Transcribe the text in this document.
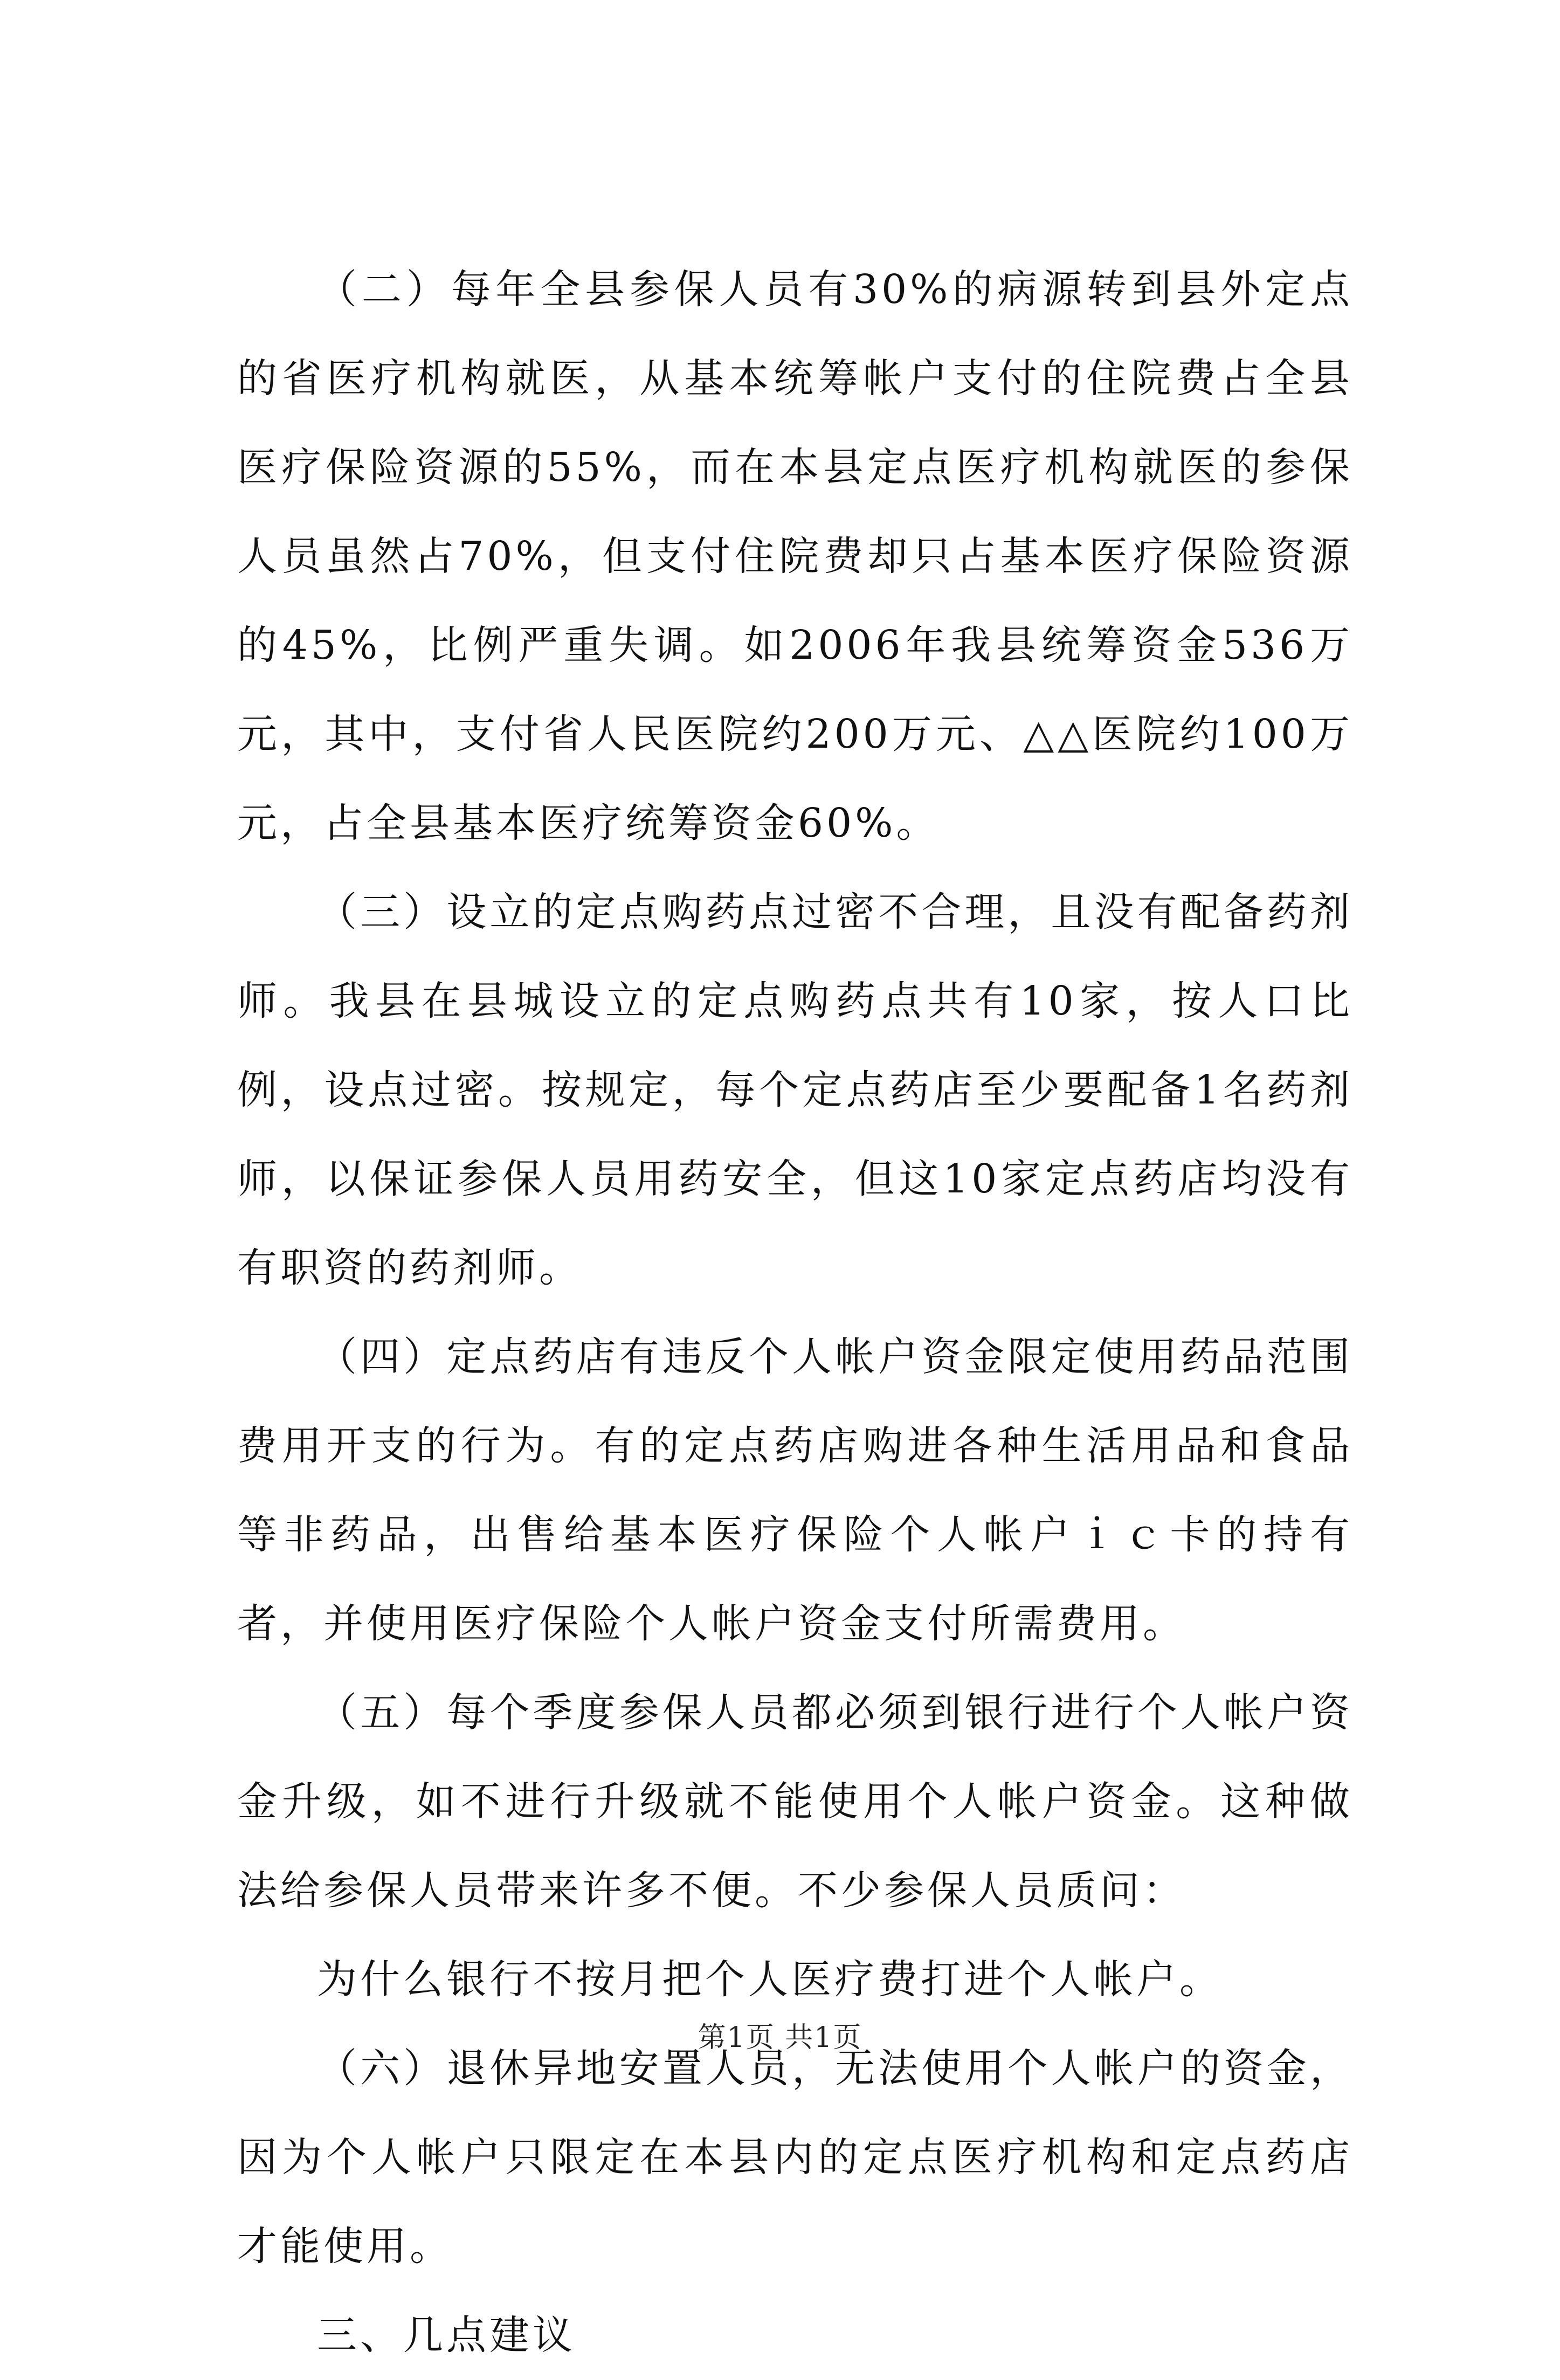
（二）每年全县参保人员有30%的病源转到县外定点的省医疗机构就医，从基本统筹帐户支付的住院费占全县医疗保险资源的55%，而在本县定点医疗机构就医的参保人员虽然占70%，但支付住院费却只占基本医疗保险资源的45%，比例严重失调。如2006年我县统筹资金536万元，其中，支付省人民医院约200万元、△△医院约100万元，占全县基本医疗统筹资金60%。

（三）设立的定点购药点过密不合理，且没有配备药剂师。我县在县城设立的定点购药点共有10家，按人口比例，设点过密。按规定，每个定点药店至少要配备1名药剂师，以保证参保人员用药安全，但这10家定点药店均没有有职资的药剂师。

（四）定点药店有违反个人帐户资金限定使用药品范围费用开支的行为。有的定点药店购进各种生活用品和食品等非药品，出售给基本医疗保险个人帐户ｉｃ卡的持有者，并使用医疗保险个人帐户资金支付所需费用。

（五）每个季度参保人员都必须到银行进行个人帐户资金升级，如不进行升级就不能使用个人帐户资金。这种做法给参保人员带来许多不便。不少参保人员质问：

为什么银行不按月把个人医疗费打进个人帐户。

（六）退休异地安置人员，无法使用个人帐户的资金，因为个人帐户只限定在本县内的定点医疗机构和定点药店才能使用。

三、几点建议

第1页 共1页
